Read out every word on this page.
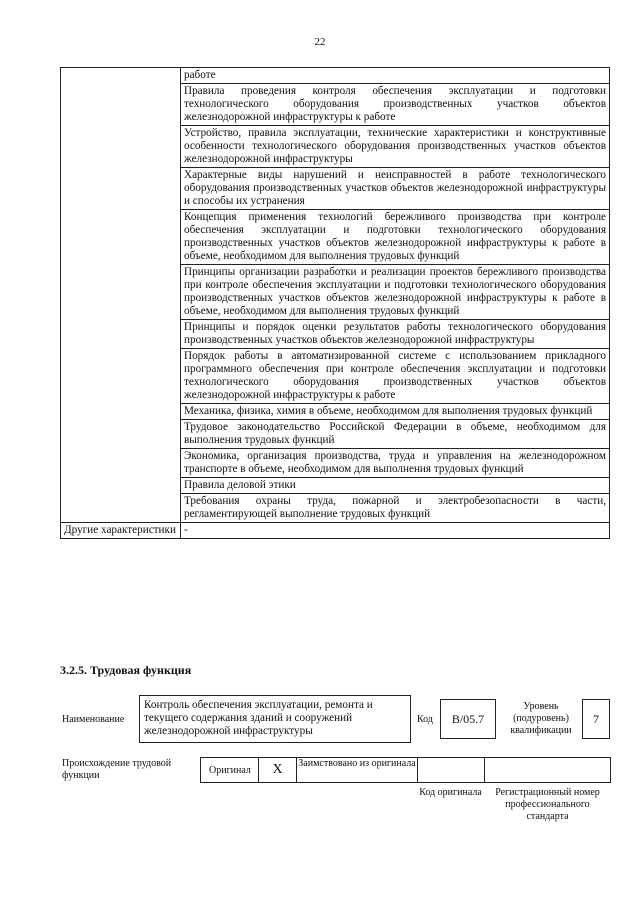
22
	работе
	Правила проведения контроля обеспечения эксплуатации и подготовки технологического оборудования производственных участков объектов железнодорожной инфраструктуры к работе
	Устройство, правила эксплуатации, технические характеристики и конструктивные особенности технологического оборудования производственных участков объектов железнодорожной инфраструктуры
	Характерные виды нарушений и неисправностей в работе технологического оборудования производственных участков объектов железнодорожной инфраструктуры и способы их устранения
	Концепция применения технологий бережливого производства при контроле обеспечения эксплуатации и подготовки технологического оборудования производственных участков объектов железнодорожной инфраструктуры к работе в объеме, необходимом для выполнения трудовых функций
	Принципы организации разработки и реализации проектов бережливого производства при контроле обеспечения эксплуатации и подготовки технологического оборудования производственных участков объектов железнодорожной инфраструктуры к работе в объеме, необходимом для выполнения трудовых функций
	Принципы и порядок оценки результатов работы технологического оборудования производственных участков объектов железнодорожной инфраструктуры
	Порядок работы в автоматизированной системе с использованием прикладного программного обеспечения при контроле обеспечения эксплуатации и подготовки технологического оборудования производственных участков объектов железнодорожной инфраструктуры к работе
	Механика, физика, химия в объеме, необходимом для выполнения трудовых функций
	Трудовое законодательство Российской Федерации в объеме, необходимом для выполнения трудовых функций
	Экономика, организация производства, труда и управления на железнодорожном транспорте в объеме, необходимом для выполнения трудовых функций
	Правила деловой этики
	Требования охраны труда, пожарной и электробезопасности в части, регламентирующей выполнение трудовых функций
Другие характеристики	-
3.2.5. Трудовая функция
Наименование
Контроль обеспечения эксплуатации, ремонта и текущего содержания зданий и сооружений железнодорожной инфраструктуры
Код B/05.7
Уровень (подуровень) квалификации
7
Происхождение трудовой функции	Оригинал	X	Заимствовано из оригинала
Код оригинала	Регистрационный номер профессионального стандарта
